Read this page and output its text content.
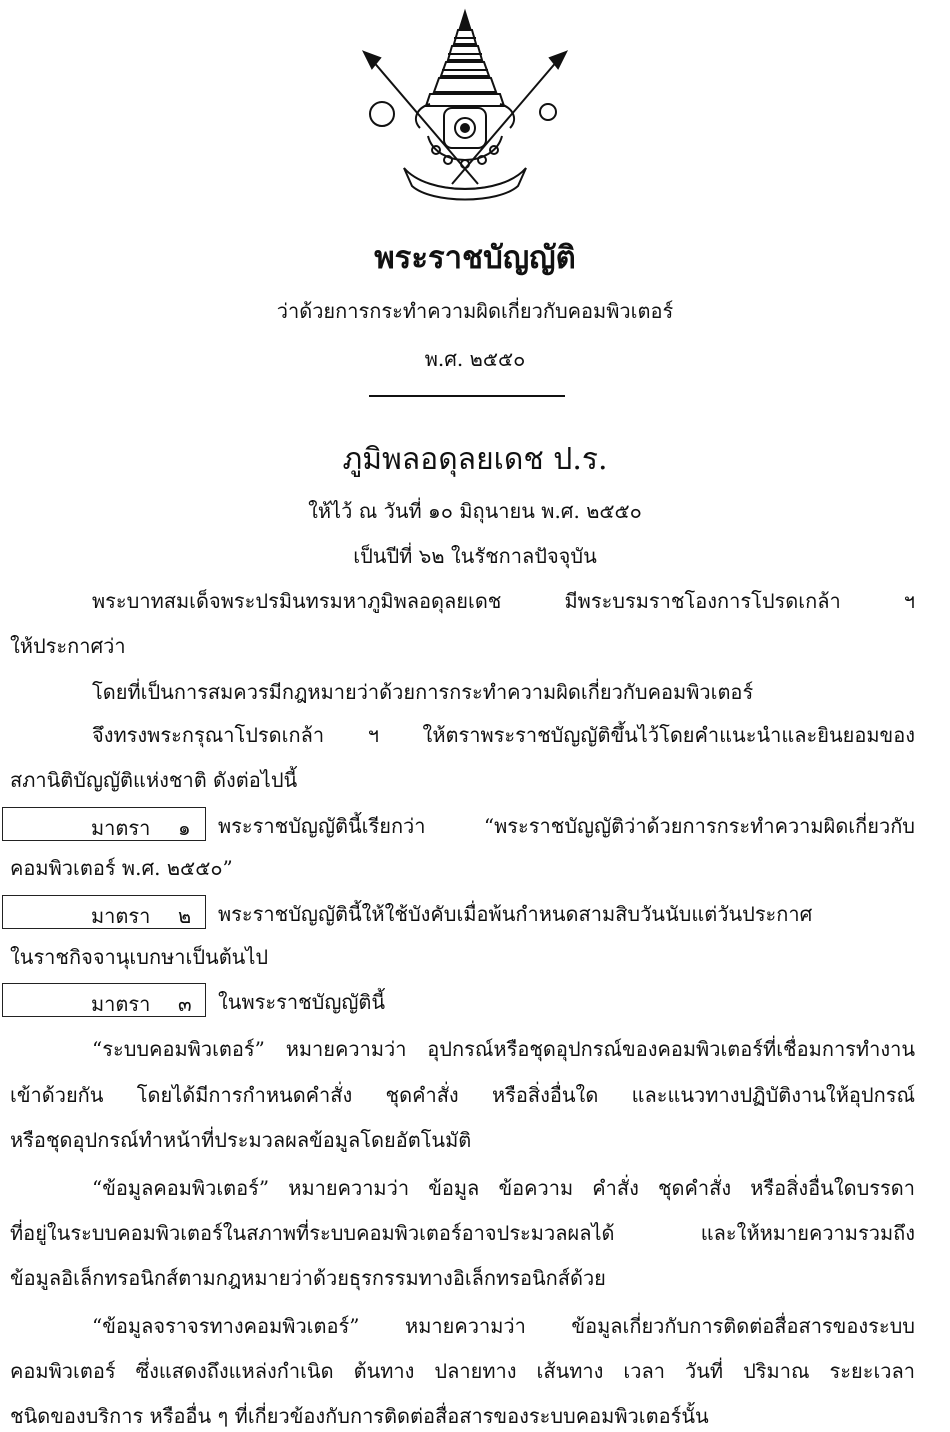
พระราชบัญญัติ
ว่าด้วยการกระทำความผิดเกี่ยวกับคอมพิวเตอร์
พ.ศ. ๒๕๕๐
ภูมิพลอดุลยเดช ป.ร.
ให้ไว้ ณ วันที่ ๑๐ มิถุนายน พ.ศ. ๒๕๕๐
เป็นปีที่ ๖๒ ในรัชกาลปัจจุบัน
พระบาทสมเด็จพระปรมินทรมหาภูมิพลอดุลยเดช มีพระบรมราชโองการโปรดเกล้า ฯ
ให้ประกาศว่า
โดยที่เป็นการสมควรมีกฎหมายว่าด้วยการกระทำความผิดเกี่ยวกับคอมพิวเตอร์
จึงทรงพระกรุณาโปรดเกล้า ฯ ให้ตราพระราชบัญญัติขึ้นไว้โดยคำแนะนำและยินยอมของ
สภานิติบัญญัติแห่งชาติ ดังต่อไปนี้
มาตรา ๑ พระราชบัญญัตินี้เรียกว่า “พระราชบัญญัติว่าด้วยการกระทำความผิดเกี่ยวกับ
คอมพิวเตอร์ พ.ศ. ๒๕๕๐”
มาตรา ๒ พระราชบัญญัตินี้ให้ใช้บังคับเมื่อพ้นกำหนดสามสิบวันนับแต่วันประกาศ
ในราชกิจจานุเบกษาเป็นต้นไป
มาตรา ๓ ในพระราชบัญญัตินี้
“ระบบคอมพิวเตอร์” หมายความว่า อุปกรณ์หรือชุดอุปกรณ์ของคอมพิวเตอร์ที่เชื่อมการทำงาน
เข้าด้วยกัน โดยได้มีการกำหนดคำสั่ง ชุดคำสั่ง หรือสิ่งอื่นใด และแนวทางปฏิบัติงานให้อุปกรณ์
หรือชุดอุปกรณ์ทำหน้าที่ประมวลผลข้อมูลโดยอัตโนมัติ
“ข้อมูลคอมพิวเตอร์” หมายความว่า ข้อมูล ข้อความ คำสั่ง ชุดคำสั่ง หรือสิ่งอื่นใดบรรดา
ที่อยู่ในระบบคอมพิวเตอร์ในสภาพที่ระบบคอมพิวเตอร์อาจประมวลผลได้ และให้หมายความรวมถึง
ข้อมูลอิเล็กทรอนิกส์ตามกฎหมายว่าด้วยธุรกรรมทางอิเล็กทรอนิกส์ด้วย
“ข้อมูลจราจรทางคอมพิวเตอร์” หมายความว่า ข้อมูลเกี่ยวกับการติดต่อสื่อสารของระบบ
คอมพิวเตอร์ ซึ่งแสดงถึงแหล่งกำเนิด ต้นทาง ปลายทาง เส้นทาง เวลา วันที่ ปริมาณ ระยะเวลา
ชนิดของบริการ หรืออื่น ๆ ที่เกี่ยวข้องกับการติดต่อสื่อสารของระบบคอมพิวเตอร์นั้น
